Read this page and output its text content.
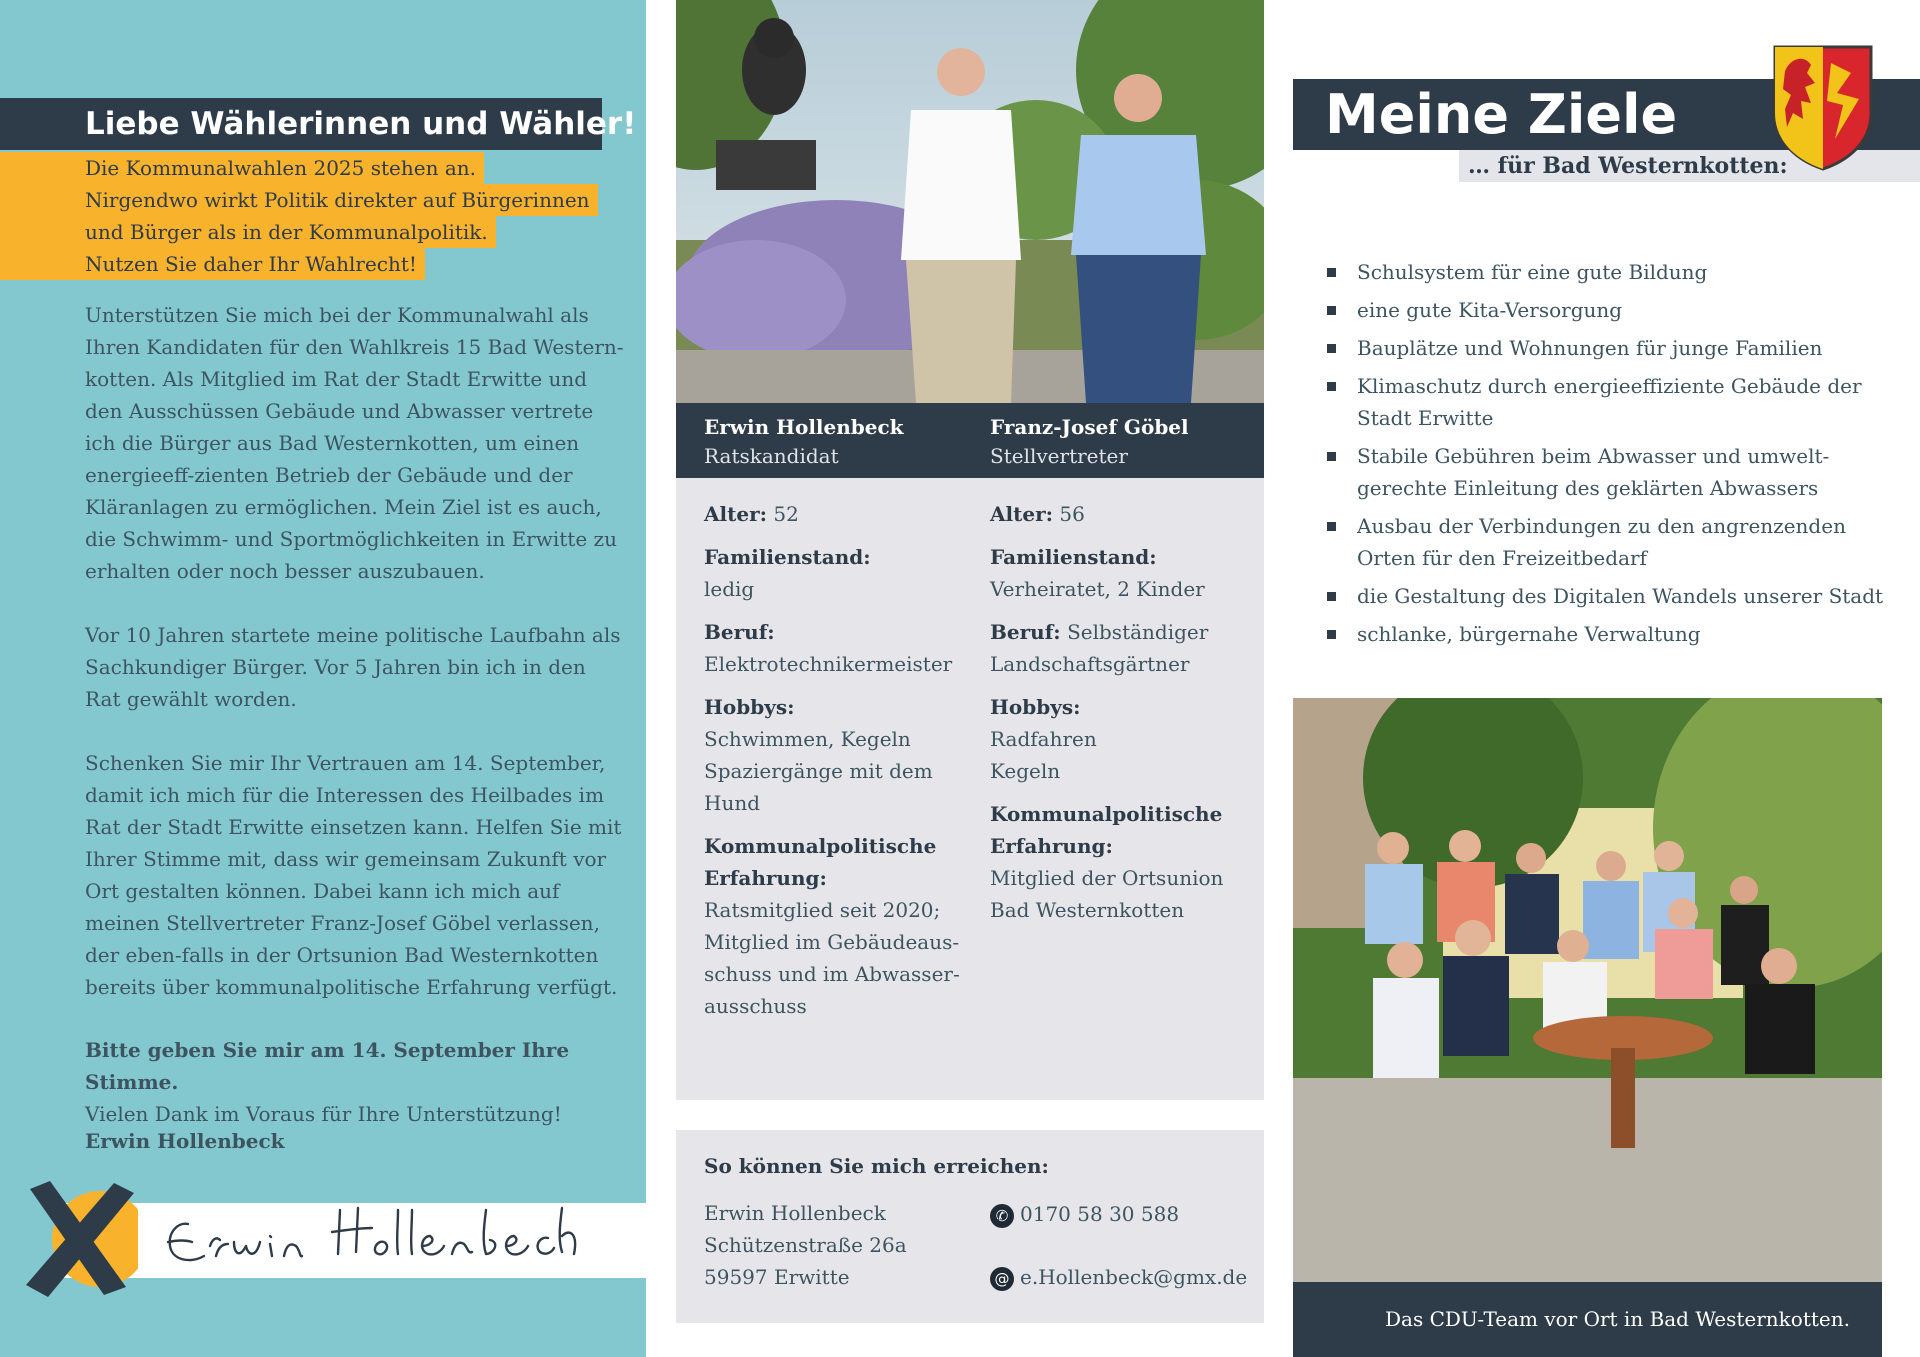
Liebe Wählerinnen und Wähler!
Die Kommunalwahlen 2025 stehen an.
Nirgendwo wirkt Politik direkter auf Bürgerinnen
und Bürger als in der Kommunalpolitik.
Nutzen Sie daher Ihr Wahlrecht!

Unterstützen Sie mich bei der Kommunalwahl als Ihren Kandidaten für den Wahlkreis 15 Bad Western-kotten. Als Mitglied im Rat der Stadt Erwitte und den Ausschüssen Gebäude und Abwasser vertrete ich die Bürger aus Bad Westernkotten, um einen energieeff-zienten Betrieb der Gebäude und der Kläranlagen zu ermöglichen. Mein Ziel ist es auch, die Schwimm- und Sportmöglichkeiten in Erwitte zu erhalten oder noch besser auszubauen.

Vor 10 Jahren startete meine politische Laufbahn als Sachkundiger Bürger. Vor 5 Jahren bin ich in den Rat gewählt worden.

Schenken Sie mir Ihr Vertrauen am 14. September, damit ich mich für die Interessen des Heilbades im Rat der Stadt Erwitte einsetzen kann. Helfen Sie mit Ihrer Stimme mit, dass wir gemeinsam Zukunft vor Ort gestalten können. Dabei kann ich mich auf meinen Stellvertreter Franz-Josef Göbel verlassen, der eben-falls in der Ortsunion Bad Westernkotten bereits über kommunalpolitische Erfahrung verfügt.

Bitte geben Sie mir am 14. September Ihre Stimme.
Vielen Dank im Voraus für Ihre Unterstützung!

Erwin Hollenbeck
Erwin Hollenbeck
Ratskandidat
Franz-Josef Göbel
Stellvertreter
Alter: 52
Familienstand:
ledig
Beruf:
Elektrotechnikermeister
Hobbys:
Schwimmen, Kegeln
Spaziergänge mit dem
Hund
Kommunalpolitische Erfahrung:
Ratsmitglied seit 2020;
Mitglied im Gebäudeaus-
schuss und im Abwasser-
ausschuss
Alter: 56
Familienstand:
Verheiratet, 2 Kinder
Beruf: Selbständiger
Landschaftsgärtner
Hobbys:
Radfahren
Kegeln
Kommunalpolitische Erfahrung:
Mitglied der Ortsunion
Bad Westernkotten
So können Sie mich erreichen:
Erwin Hollenbeck
Schützenstraße 26a
59597 Erwitte
✆ 0170 58 30 588
@ e.Hollenbeck@gmx.de
Meine Ziele
… für Bad Westernkotten:
Schulsystem für eine gute Bildung
eine gute Kita-Versorgung
Bauplätze und Wohnungen für junge Familien
Klimaschutz durch energieeffiziente Gebäude der Stadt Erwitte
Stabile Gebühren beim Abwasser und umwelt-gerechte Einleitung des geklärten Abwassers
Ausbau der Verbindungen zu den angrenzenden Orten für den Freizeitbedarf
die Gestaltung des Digitalen Wandels unserer Stadt
schlanke, bürgernahe Verwaltung
Das CDU-Team vor Ort in Bad Westernkotten.
